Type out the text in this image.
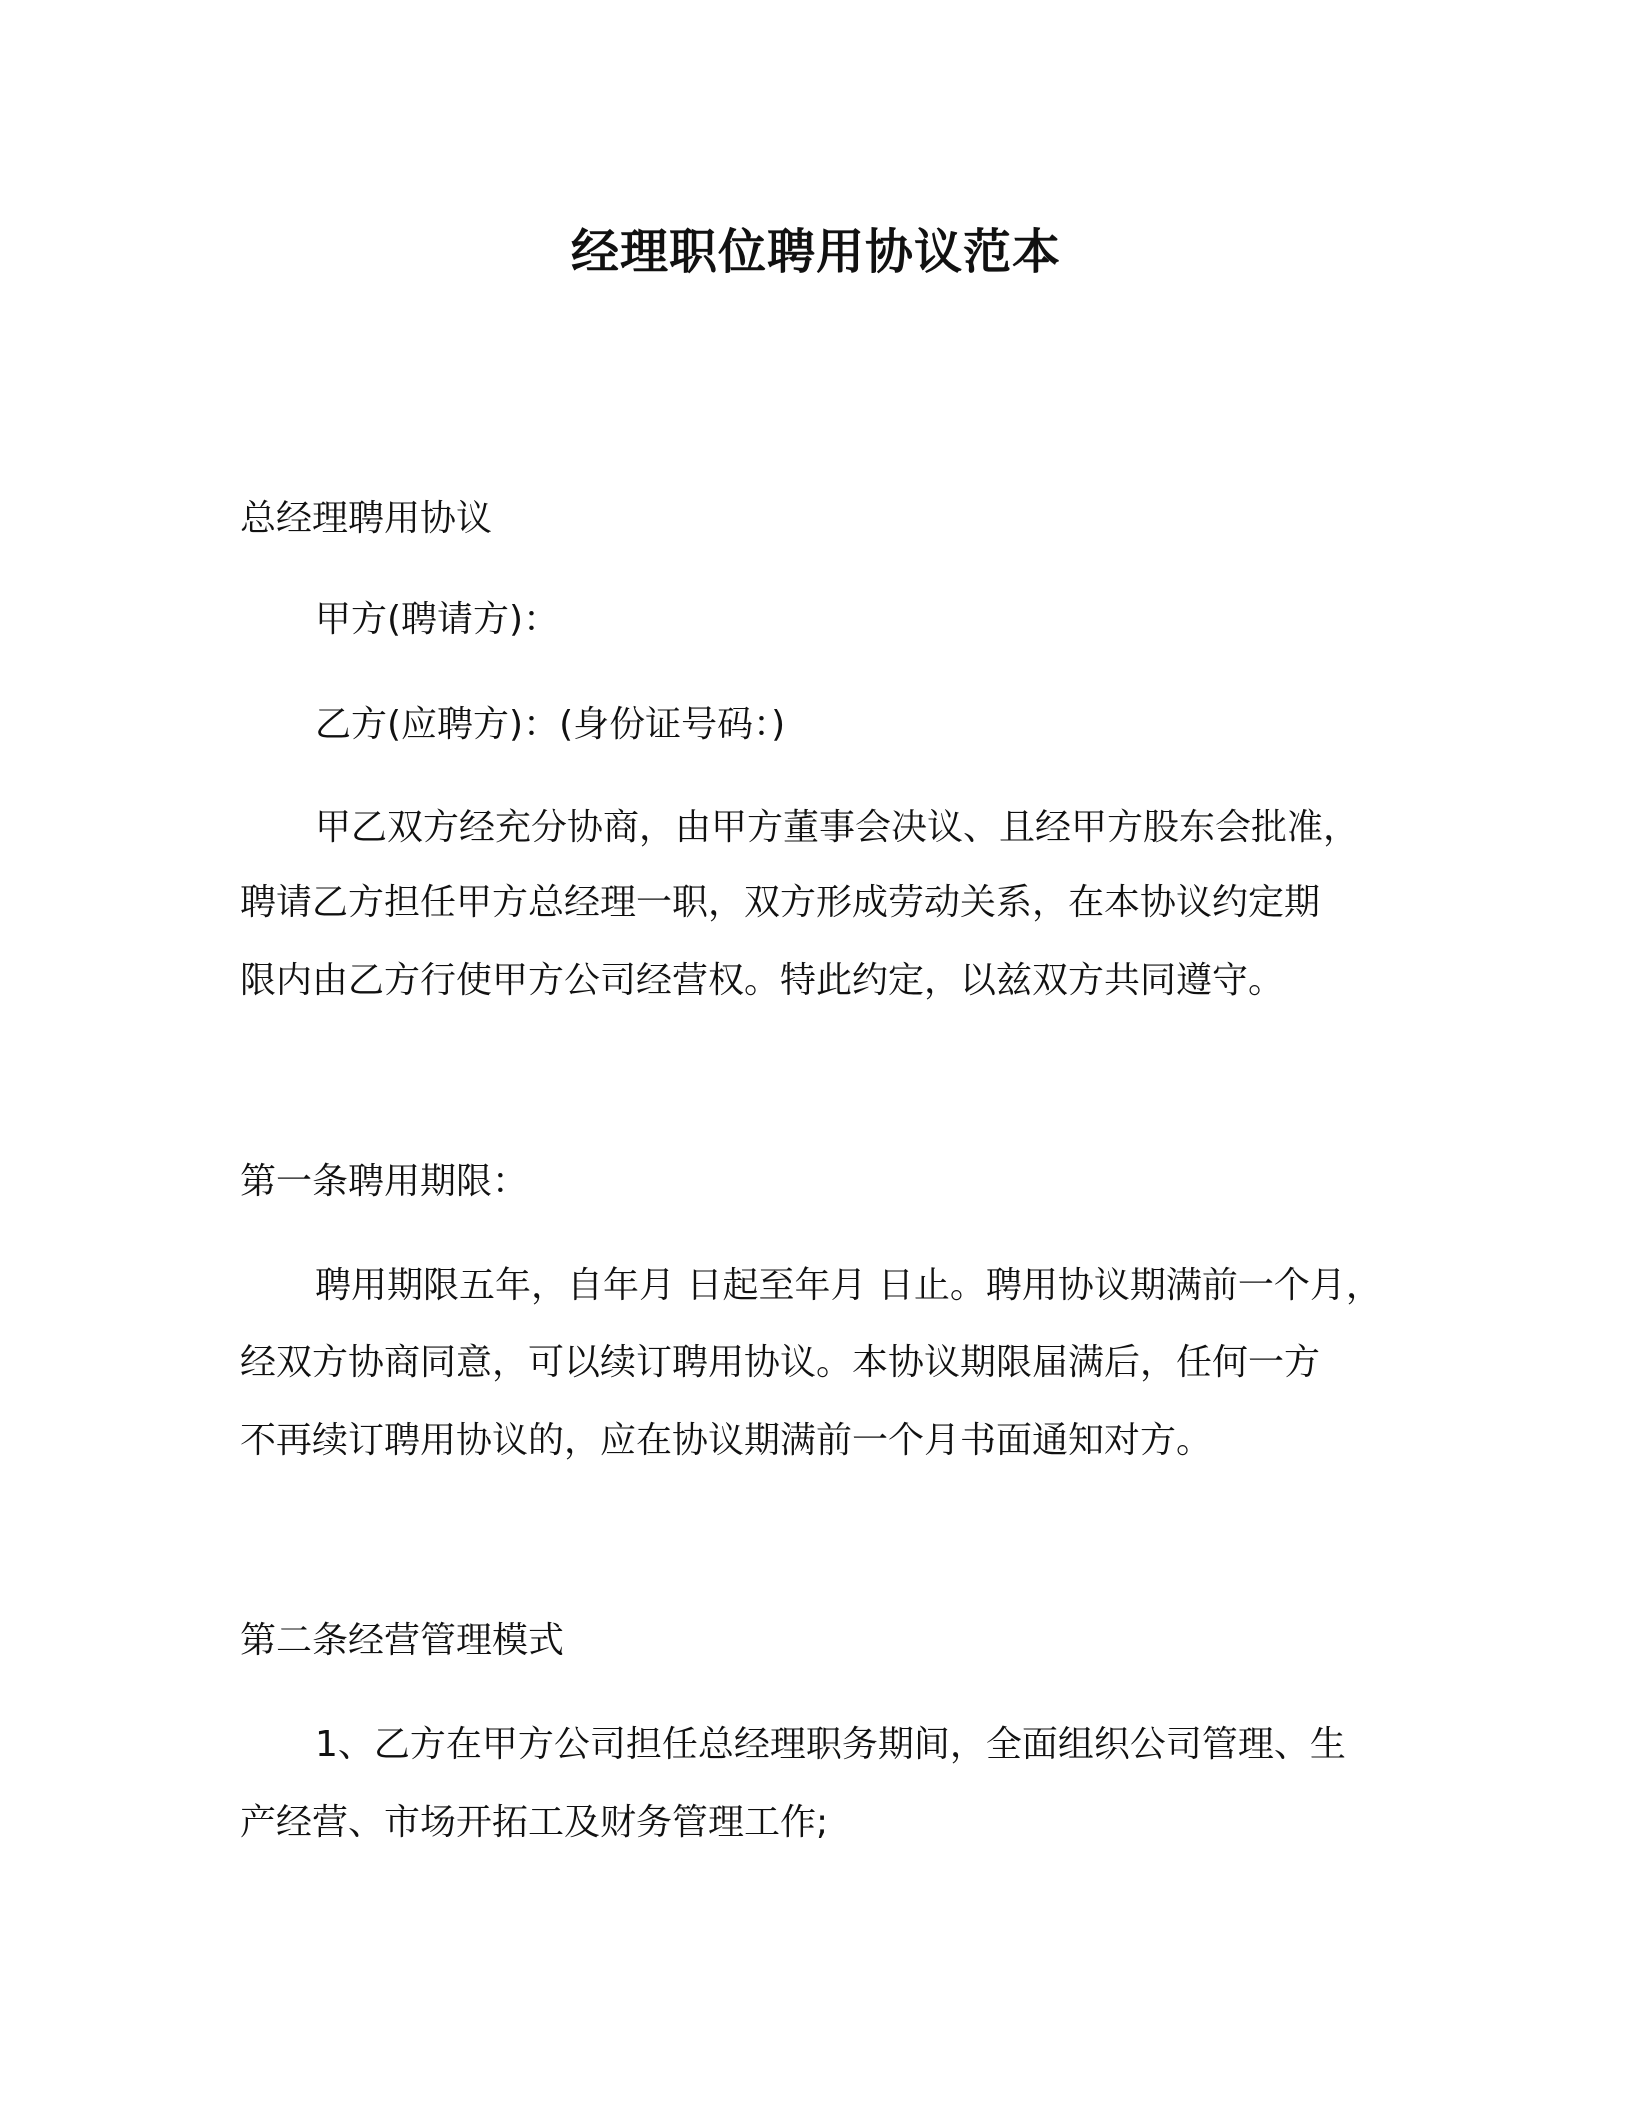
经理职位聘用协议范本
总经理聘用协议
甲方(聘请方)：
乙方(应聘方)：(身份证号码：)
甲乙双方经充分协商，由甲方董事会决议、且经甲方股东会批准，
聘请乙方担任甲方总经理一职，双方形成劳动关系，在本协议约定期
限内由乙方行使甲方公司经营权。特此约定，以兹双方共同遵守。
第一条聘用期限：
聘用期限五年，自年月 日起至年月 日止。聘用协议期满前一个月，
经双方协商同意，可以续订聘用协议。本协议期限届满后，任何一方
不再续订聘用协议的，应在协议期满前一个月书面通知对方。
第二条经营管理模式
1、乙方在甲方公司担任总经理职务期间，全面组织公司管理、生
产经营、市场开拓工及财务管理工作;
